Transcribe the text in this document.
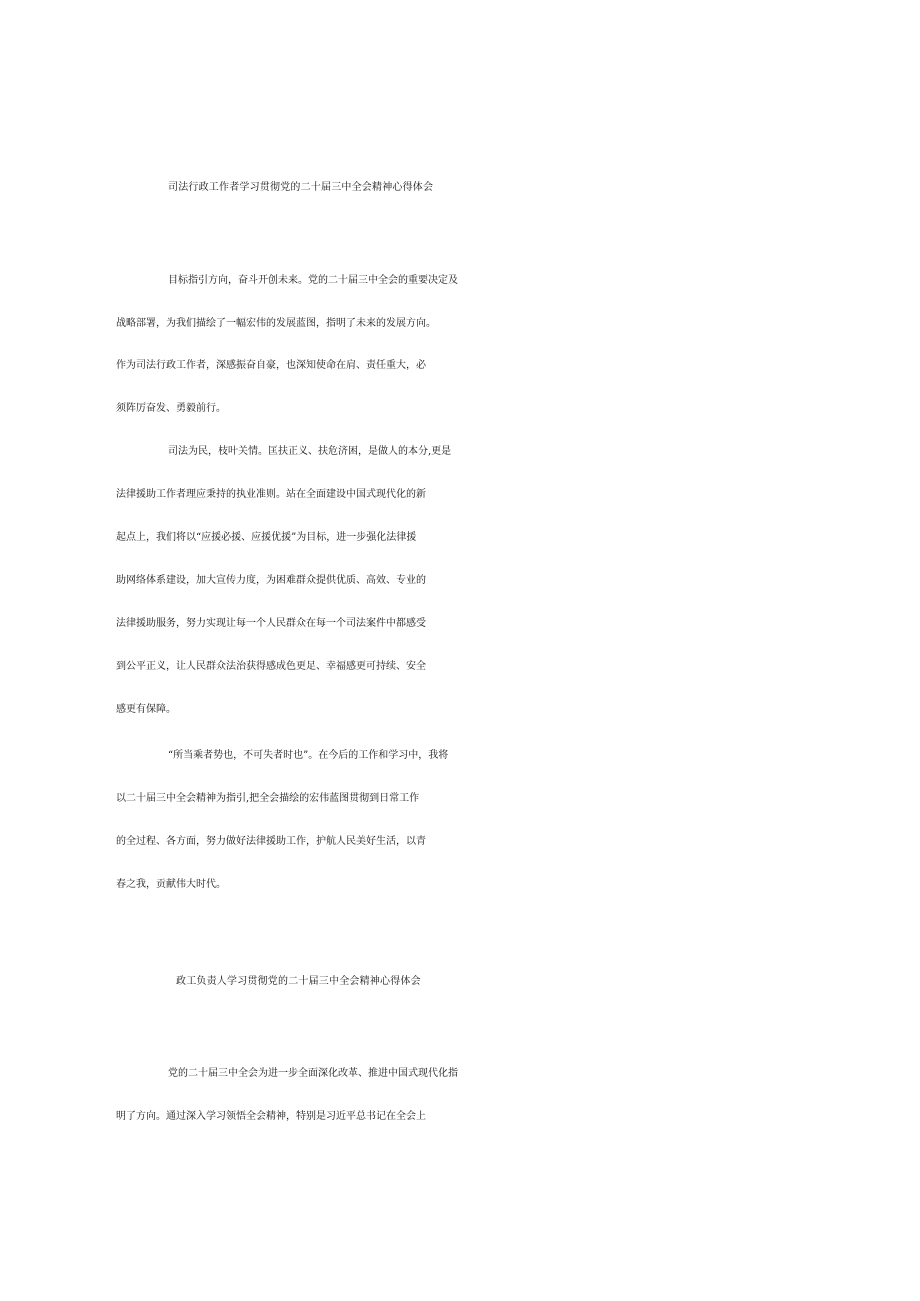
司法行政工作者学习贯彻党的二十届三中全会精神心得体会

目标指引方向，奋斗开创未来。党的二十届三中全会的重要决定及

战略部署，为我们描绘了一幅宏伟的发展蓝图，指明了未来的发展方向。

作为司法行政工作者，深感振奋自豪，也深知使命在肩、责任重大，必

须阵厉奋发、勇毅前行。

司法为民，枝叶关情。匡扶正义、扶危济困，是做人的本分,更是

法律援助工作者理应秉持的执业准则。站在全面建设中国式现代化的新

起点上，我们将以“应援必援、应援优援”为目标，进一步强化法律援

助网络体系建设，加大宣传力度，为困难群众提供优质、高效、专业的

法律援助服务，努力实现让每一个人民群众在每一个司法案件中都感受

到公平正义，让人民群众法治获得感成色更足、幸福感更可持续、安全

感更有保障。

“所当乘者势也，不可失者时也”。在今后的工作和学习中，我将

以二十届三中全会精神为指引,把全会描绘的宏伟蓝图贯彻到日常工作

的全过程、各方面，努力做好法律援助工作，护航人民美好生活，以青

春之我，贡献伟大时代。

政工负责人学习贯彻党的二十届三中全会精神心得体会

党的二十届三中全会为进一步全面深化改革、推进中国式现代化指

明了方向。通过深入学习领悟全会精神，特别是习近平总书记在全会上
